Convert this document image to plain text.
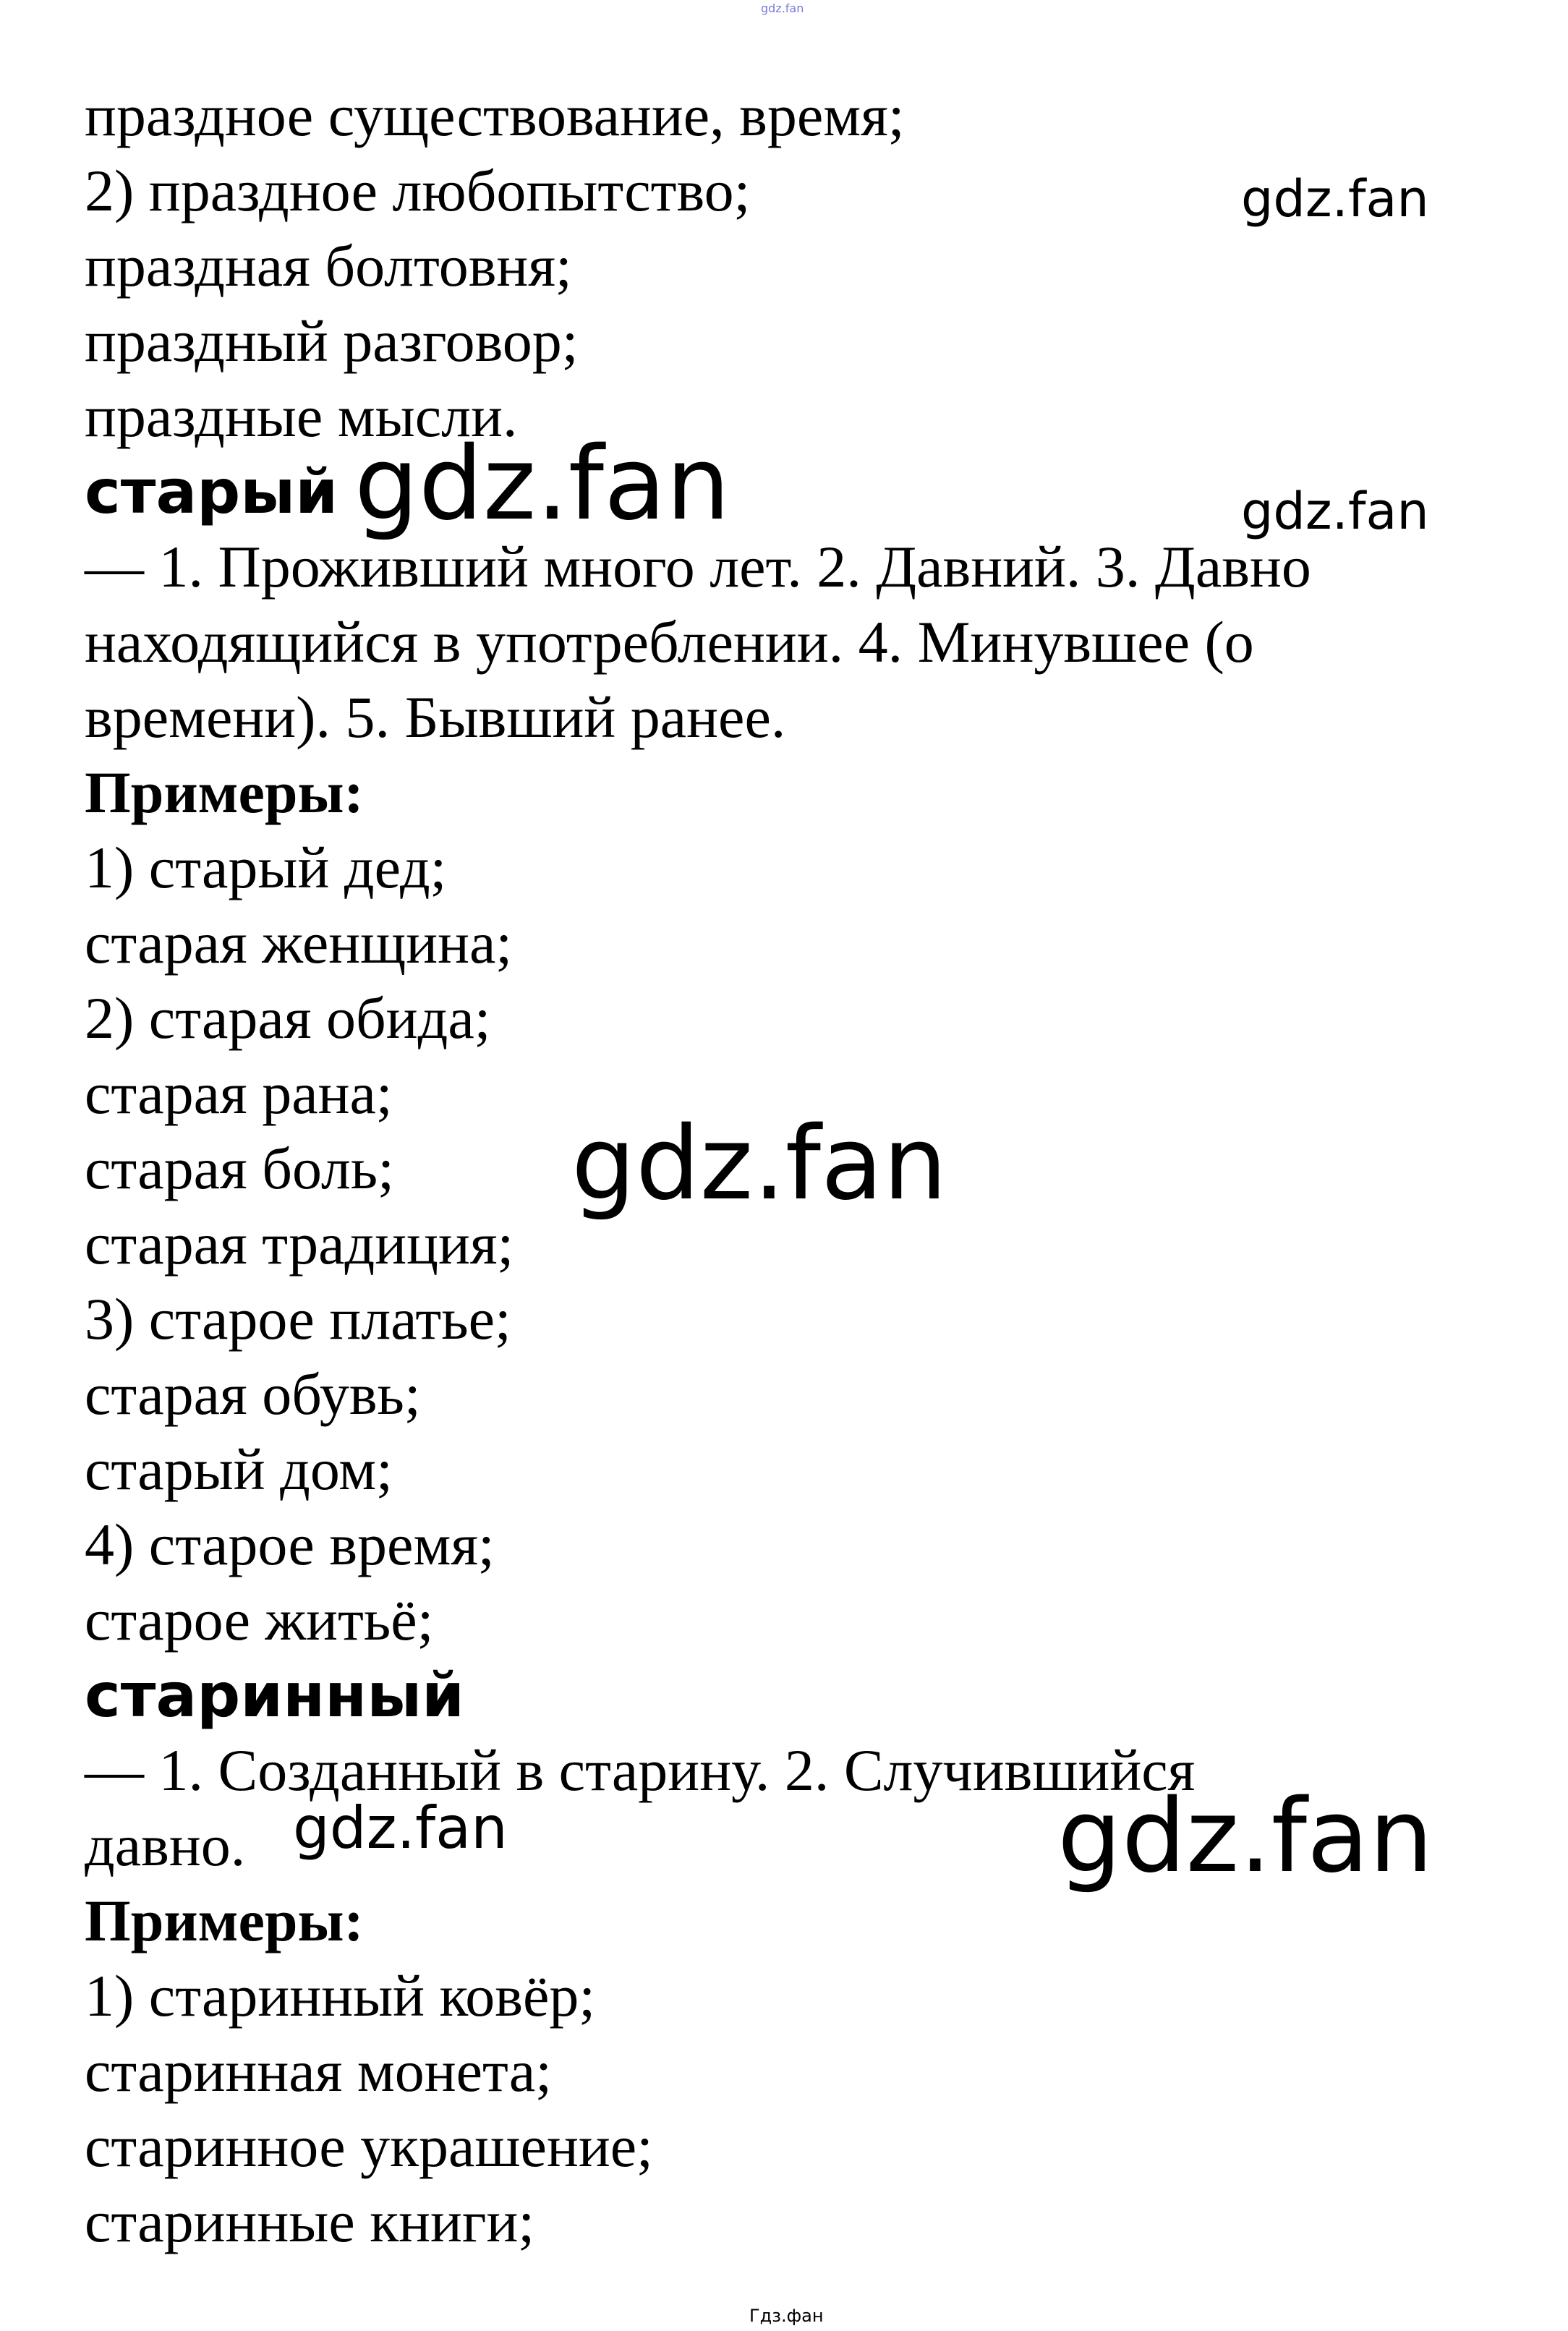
gdz.fan
праздное существование, время;
2) праздное любопытство;
праздная болтовня;
праздный разговор;
праздные мысли.
старый
— 1. Проживший много лет. 2. Давний. 3. Давно
находящийся в употреблении. 4. Минувшее (о
времени). 5. Бывший ранее.
Примеры:
1) старый дед;
старая женщина;
2) старая обида;
старая рана;
старая боль;
старая традиция;
3) старое платье;
старая обувь;
старый дом;
4) старое время;
старое житьё;
старинный
— 1. Созданный в старину. 2. Случившийся
давно.
Примеры:
1) старинный ковёр;
старинная монета;
старинное украшение;
старинные книги;
gdz.fan
gdz.fan	gdz.fan
gdz.fan
gdz.fan	gdz.fan
Гдз.фан
